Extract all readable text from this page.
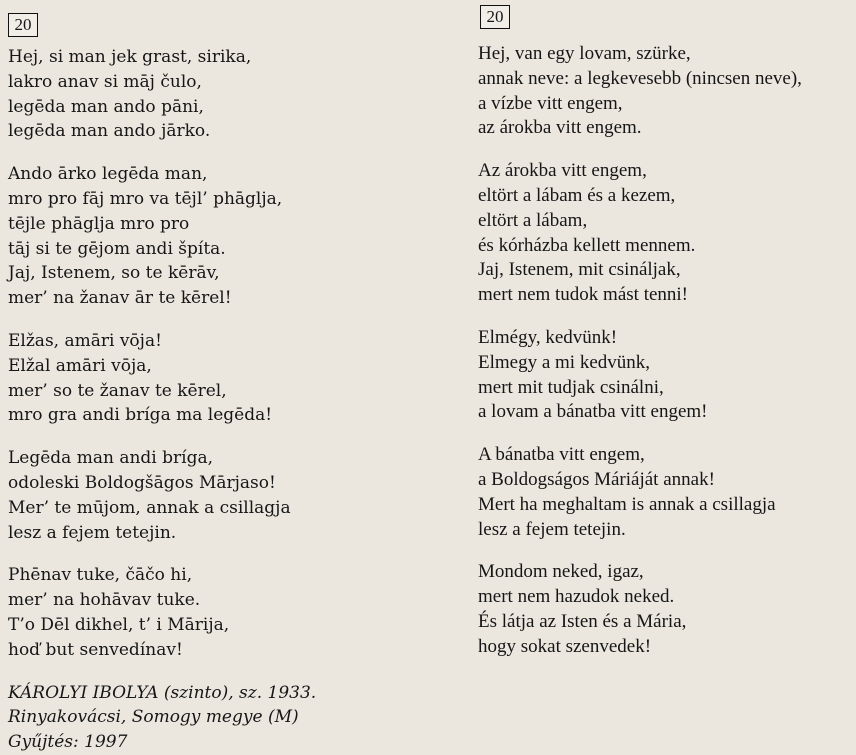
20	20
Hej, si man jek grast, sirika,
lakro anav si māj čulo,
legēda man ando pāni,
legēda man ando jārko.
Ando ārko legēda man,
mro pro fāj mro va tējl’ phāglja,
tējle phāglja mro pro
tāj si te gējom andi špíta.
Jaj, Istenem, so te kērāv,
mer’ na žanav ār te kērel!
Elžas, amāri vōja!
Elžal amāri vōja,
mer’ so te žanav te kērel,
mro gra andi bríga ma legēda!
Legēda man andi bríga,
odoleski Boldogšāgos Mārjaso!
Mer’ te mūjom, annak a csillagja
lesz a fejem tetejin.
Phēnav tuke, čāčo hi,
mer’ na hohāvav tuke.
T’o Dēl dikhel, t’ i Mārija,
hoď but senvedínav!
KÁROLYI IBOLYA (szinto), sz. 1933.
Rinyakovácsi, Somogy megye (M)
Gyűjtés: 1997
Hej, van egy lovam, szürke,
annak neve: a legkevesebb (nincsen neve),
a vízbe vitt engem,
az árokba vitt engem.
Az árokba vitt engem,
eltört a lábam és a kezem,
eltört a lábam,
és kórházba kellett mennem.
Jaj, Istenem, mit csináljak,
mert nem tudok mást tenni!
Elmégy, kedvünk!
Elmegy a mi kedvünk,
mert mit tudjak csinálni,
a lovam a bánatba vitt engem!
A bánatba vitt engem,
a Boldogságos Máriáját annak!
Mert ha meghaltam is annak a csillagja
lesz a fejem tetejin.
Mondom neked, igaz,
mert nem hazudok neked.
És látja az Isten és a Mária,
hogy sokat szenvedek!
